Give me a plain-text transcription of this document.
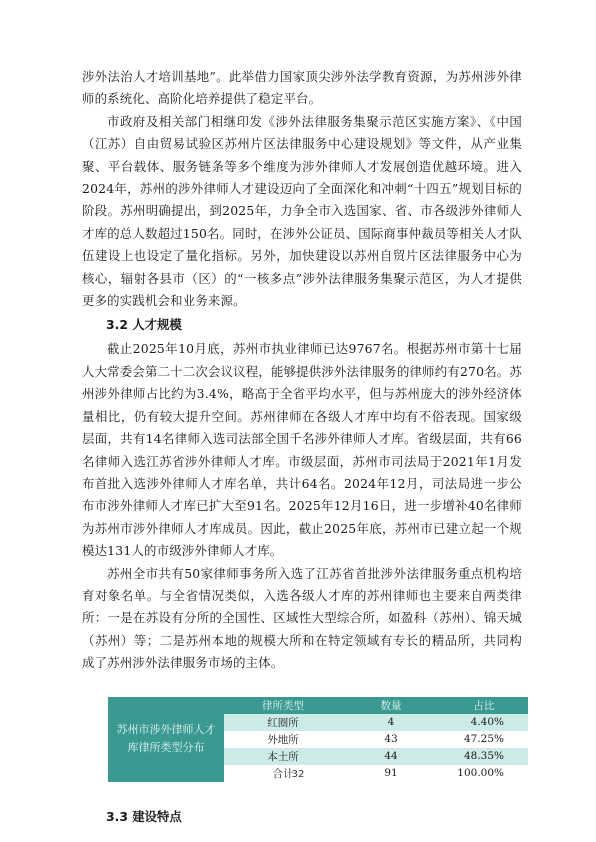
涉外法治人才培训基地”。此举借力国家顶尖涉外法学教育资源，为苏州涉外律师的系统化、高阶化培养提供了稳定平台。

市政府及相关部门相继印发《涉外法律服务集聚示范区实施方案》、《中国（江苏）自由贸易试验区苏州片区法律服务中心建设规划》等文件，从产业集聚、平台载体、服务链条等多个维度为涉外律师人才发展创造优越环境。进入2024年，苏州的涉外律师人才建设迈向了全面深化和冲刺“十四五”规划目标的阶段。苏州明确提出，到2025年，力争全市入选国家、省、市各级涉外律师人才库的总人数超过150名。同时，在涉外公证员、国际商事仲裁员等相关人才队伍建设上也设定了量化指标。另外，加快建设以苏州自贸片区法律服务中心为核心，辐射各县市（区）的“一核多点”涉外法律服务集聚示范区，为人才提供更多的实践机会和业务来源。

3.2 人才规模

截止2025年10月底，苏州市执业律师已达9767名。根据苏州市第十七届人大常委会第二十二次会议议程，能够提供涉外法律服务的律师约有270名。苏州涉外律师占比约为3.4%，略高于全省平均水平，但与苏州庞大的涉外经济体量相比，仍有较大提升空间。苏州律师在各级人才库中均有不俗表现。国家级层面，共有14名律师入选司法部全国千名涉外律师人才库。省级层面，共有66名律师入选江苏省涉外律师人才库。市级层面，苏州市司法局于2021年1月发布首批入选涉外律师人才库名单，共计64名。2024年12月，司法局进一步公布市涉外律师人才库已扩大至91名。2025年12月16日，进一步增补40名律师为苏州市涉外律师人才库成员。因此，截止2025年底，苏州市已建立起一个规模达131人的市级涉外律师人才库。

苏州全市共有50家律师事务所入选了江苏省首批涉外法律服务重点机构培育对象名单。与全省情况类似，入选各级人才库的苏州律师也主要来自两类律所：一是在苏设有分所的全国性、区域性大型综合所，如盈科（苏州）、锦天城（苏州）等；二是苏州本地的规模大所和在特定领域有专长的精品所，共同构成了苏州涉外法律服务市场的主体。

苏州市涉外律师人才库律所类型分布	律所类型	数量	占比
	红圈所	4	4.40%
	外地所	43	47.25%
	本土所	44	48.35%
	合计	91	100.00%
3.3 建设特点
32
